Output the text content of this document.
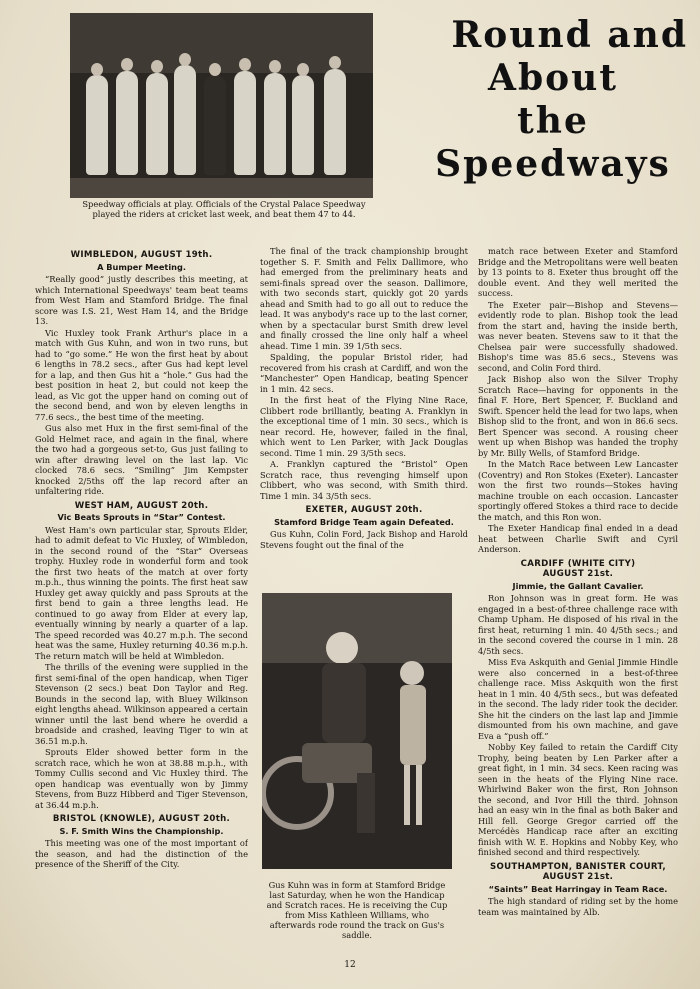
Speedway officials at play. Officials of the Crystal Palace Speedway played the riders at cricket last week, and beat them 47 to 44.
Round and
About
the
Speedways
WIMBLEDON, AUGUST 19th.
A Bumper Meeting.

“Really good” justly describes this meeting, at which International Speedways' team beat teams from West Ham and Stamford Bridge. The final score was I.S. 21, West Ham 14, and the Bridge 13.

Vic Huxley took Frank Arthur's place in a match with Gus Kuhn, and won in two runs, but had to “go some.” He won the first heat by about 6 lengths in 78.2 secs., after Gus had kept level for a lap, and then Gus hit a “hole.” Gus had the best position in heat 2, but could not keep the lead, as Vic got the upper hand on coming out of the second bend, and won by eleven lengths in 77.6 secs., the best time of the meeting.

Gus also met Hux in the first semi-final of the Gold Helmet race, and again in the final, where the two had a gorgeous set-to, Gus just failing to win after drawing level on the last lap. Vic clocked 78.6 secs. “Smiling” Jim Kempster knocked 2/5ths off the lap record after an unfaltering ride.

WEST HAM, AUGUST 20th.
Vic Beats Sprouts in “Star” Contest.

West Ham's own particular star, Sprouts Elder, had to admit defeat to Vic Huxley, of Wimbledon, in the second round of the “Star” Overseas trophy. Huxley rode in wonderful form and took the first two heats of the match at over forty m.p.h., thus winning the points. The first heat saw Huxley get away quickly and pass Sprouts at the first bend to gain a three lengths lead. He continued to go away from Elder at every lap, eventually winning by nearly a quarter of a lap. The speed recorded was 40.27 m.p.h. The second heat was the same, Huxley returning 40.36 m.p.h. The return match will be held at Wimbledon.

The thrills of the evening were supplied in the first semi-final of the open handicap, when Tiger Stevenson (2 secs.) beat Don Taylor and Reg. Bounds in the second lap, with Bluey Wilkinson eight lengths ahead. Wilkinson appeared a certain winner until the last bend where he overdid a broadside and crashed, leaving Tiger to win at 36.51 m.p.h.

Sprouts Elder showed better form in the scratch race, which he won at 38.88 m.p.h., with Tommy Cullis second and Vic Huxley third. The open handicap was eventually won by Jimmy Stevens, from Buzz Hibberd and Tiger Stevenson, at 36.44 m.p.h.

BRISTOL (KNOWLE), AUGUST 20th.
S. F. Smith Wins the Championship.

This meeting was one of the most important of the season, and had the distinction of the presence of the Sheriff of the City.

The final of the track championship brought together S. F. Smith and Felix Dallimore, who had emerged from the preliminary heats and semi-finals spread over the season. Dallimore, with two seconds start, quickly got 20 yards ahead and Smith had to go all out to reduce the lead. It was anybody's race up to the last corner, when by a spectacular burst Smith drew level and finally crossed the line only half a wheel ahead. Time 1 min. 39 1/5th secs.

Spalding, the popular Bristol rider, had recovered from his crash at Cardiff, and won the “Manchester” Open Handicap, beating Spencer in 1 min. 42 secs.

In the first heat of the Flying Nine Race, Clibbert rode brilliantly, beating A. Franklyn in the exceptional time of 1 min. 30 secs., which is near record. He, however, failed in the final, which went to Len Parker, with Jack Douglas second. Time 1 min. 29 3/5th secs.

A. Franklyn captured the “Bristol” Open Scratch race, thus revenging himself upon Clibbert, who was second, with Smith third. Time 1 min. 34 3/5th secs.

EXETER, AUGUST 20th.
Stamford Bridge Team again Defeated.

Gus Kuhn, Colin Ford, Jack Bishop and Harold Stevens fought out the final of the

Gus Kuhn was in form at Stamford Bridge last Saturday, when he won the Handicap and Scratch races. He is receiving the Cup from Miss Kathleen Williams, who afterwards rode round the track on Gus's saddle.

match race between Exeter and Stamford Bridge and the Metropolitans were well beaten by 13 points to 8. Exeter thus brought off the double event. And they well merited the success.

The Exeter pair—Bishop and Stevens—evidently rode to plan. Bishop took the lead from the start and, having the inside berth, was never beaten. Stevens saw to it that the Chelsea pair were successfully shadowed. Bishop's time was 85.6 secs., Stevens was second, and Colin Ford third.

Jack Bishop also won the Silver Trophy Scratch Race—having for opponents in the final F. Hore, Bert Spencer, F. Buckland and Swift. Spencer held the lead for two laps, when Bishop slid to the front, and won in 86.6 secs. Bert Spencer was second. A rousing cheer went up when Bishop was handed the trophy by Mr. Billy Wells, of Stamford Bridge.

In the Match Race between Lew Lancaster (Coventry) and Ron Stokes (Exeter). Lancaster won the first two rounds—Stokes having machine trouble on each occasion. Lancaster sportingly offered Stokes a third race to decide the match, and this Ron won.

The Exeter Handicap final ended in a dead heat between Charlie Swift and Cyril Anderson.

CARDIFF (WHITE CITY)
AUGUST 21st.
Jimmie, the Gallant Cavalier.

Ron Johnson was in great form. He was engaged in a best-of-three challenge race with Champ Upham. He disposed of his rival in the first heat, returning 1 min. 40 4/5th secs.; and in the second covered the course in 1 min. 28 4/5th secs.

Miss Eva Askquith and Genial Jimmie Hindle were also concerned in a best-of-three challenge race. Miss Askquith won the first heat in 1 min. 40 4/5th secs., but was defeated in the second. The lady rider took the decider. She hit the cinders on the last lap and Jimmie dismounted from his own machine, and gave Eva a “push off.”

Nobby Key failed to retain the Cardiff City Trophy, being beaten by Len Parker after a great fight, in 1 min. 34 secs. Keen racing was seen in the heats of the Flying Nine race. Whirlwind Baker won the first, Ron Johnson the second, and Ivor Hill the third. Johnson had an easy win in the final as both Baker and Hill fell. George Gregor carried off the Mercédès Handicap race after an exciting finish with W. E. Hopkins and Nobby Key, who finished second and third respectively.

SOUTHAMPTON, BANISTER COURT,
AUGUST 21st.
“Saints” Beat Harringay in Team Race.

The high standard of riding set by the home team was maintained by Alb.

12
